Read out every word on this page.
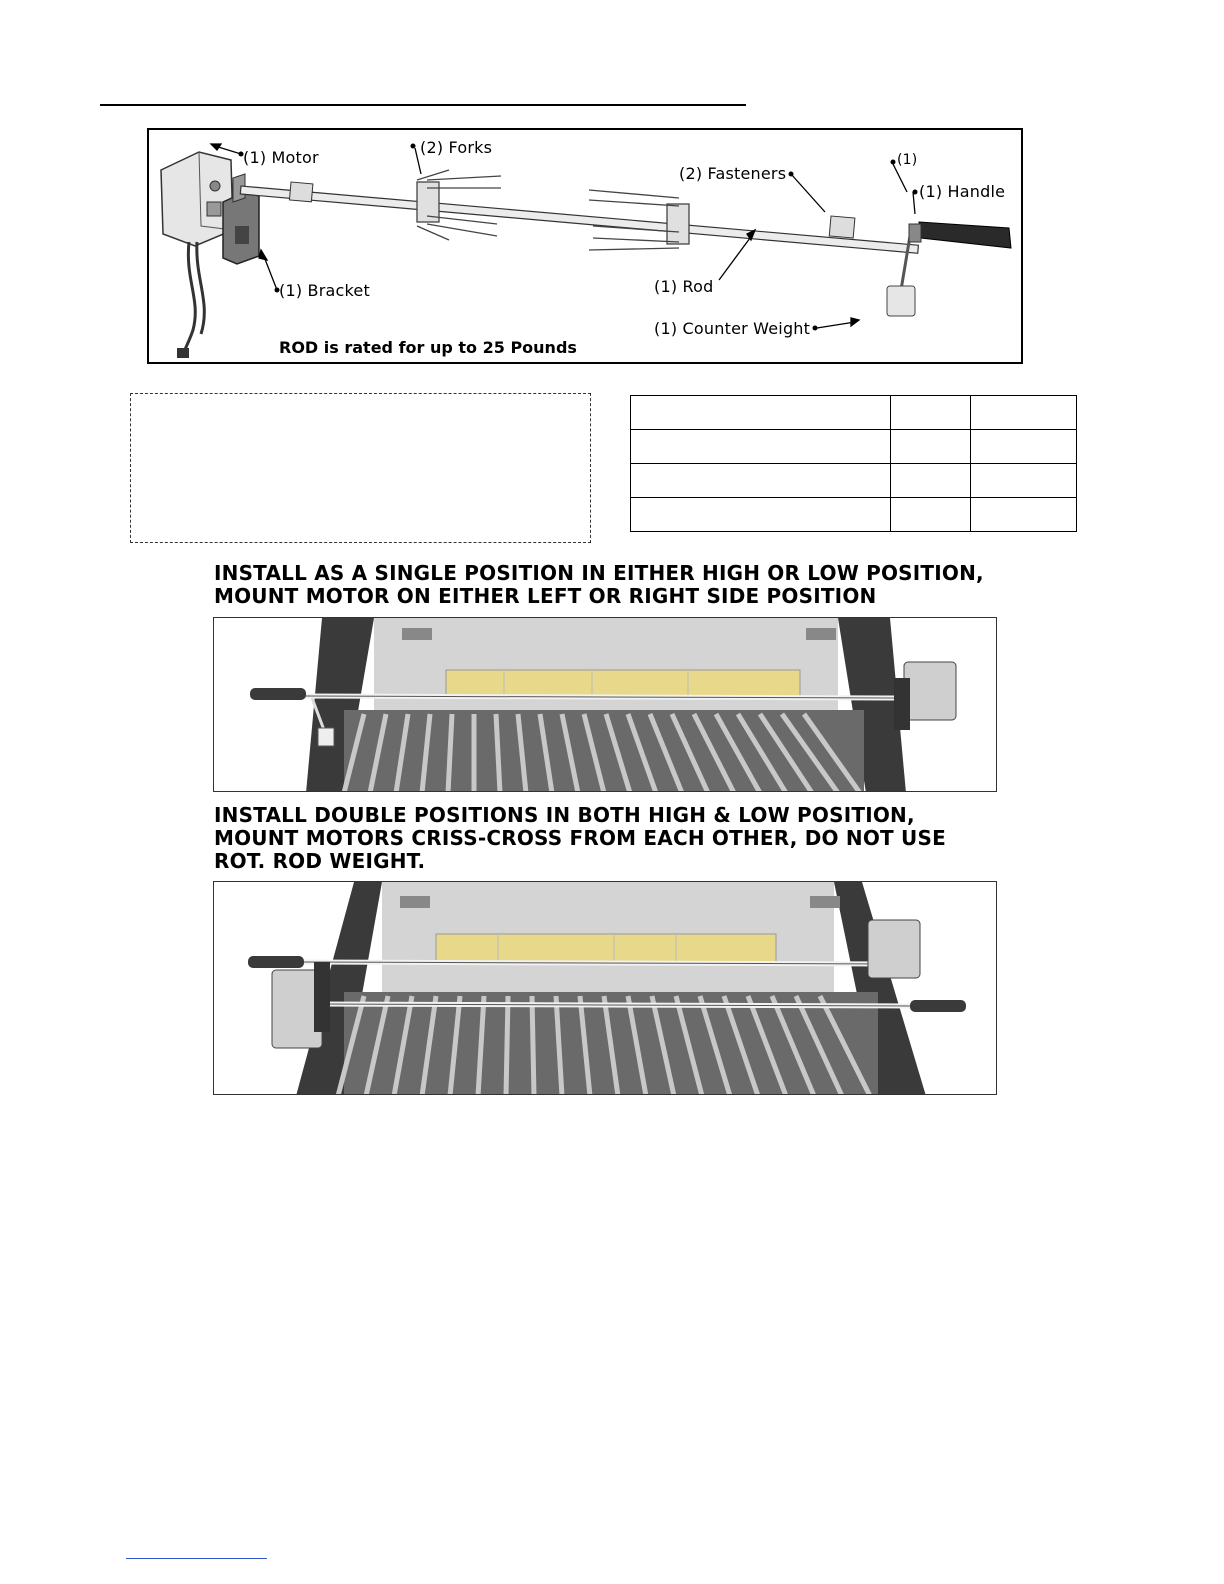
(1) Motor
(2) Forks
(2) Fasteners
(1)
(1) Handle
(1) Bracket	(1) Rod
(1) Counter Weight
ROD is rated for up to 25 Pounds

INSTALL AS A SINGLE POSITION IN EITHER HIGH OR LOW POSITION,
MOUNT MOTOR ON EITHER LEFT OR RIGHT SIDE POSITION
INSTALL DOUBLE POSITIONS IN BOTH HIGH & LOW POSITION,
MOUNT MOTORS CRISS-CROSS FROM EACH OTHER, DO NOT USE
ROT. ROD WEIGHT.
